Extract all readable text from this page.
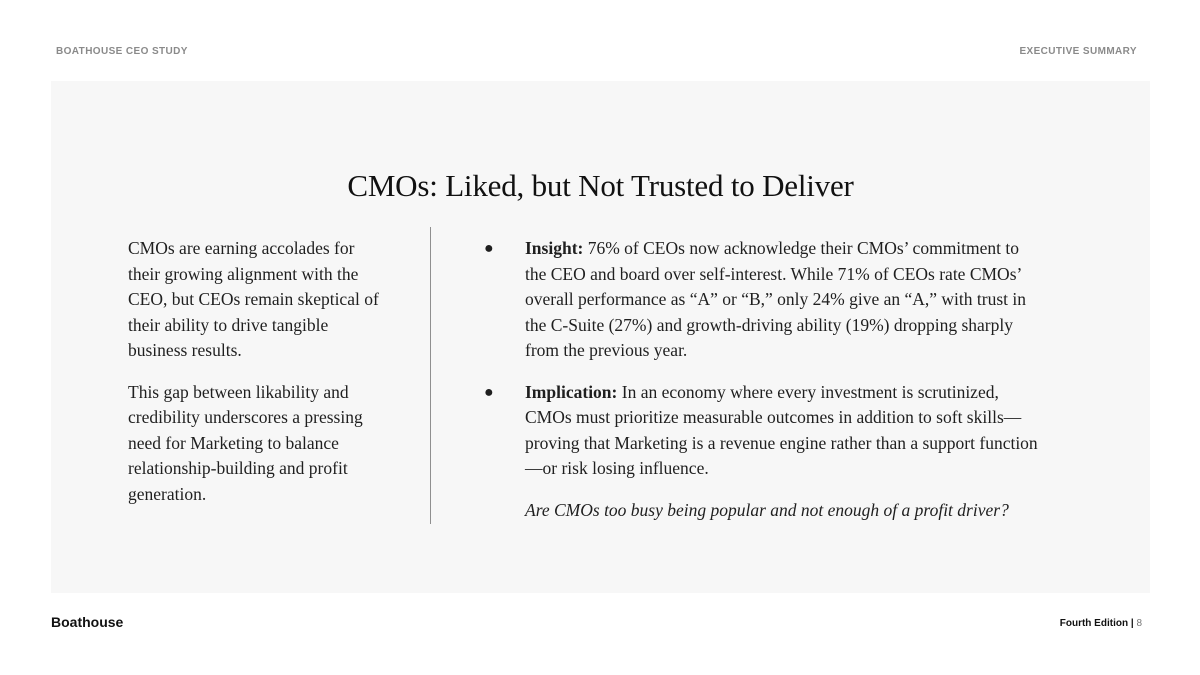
BOATHOUSE CEO STUDY	EXECUTIVE SUMMARY
CMOs: Liked, but Not Trusted to Deliver

CMOs are earning accolades for their growing alignment with the CEO, but CEOs remain skeptical of their ability to drive tangible business results.

This gap between likability and credibility underscores a pressing need for Marketing to balance relationship-building and profit generation.

● Insight: 76% of CEOs now acknowledge their CMOs’ commitment to the CEO and board over self-interest. While 71% of CEOs rate CMOs’ overall performance as “A” or “B,” only 24% give an “A,” with trust in the C-Suite (27%) and growth-driving ability (19%) dropping sharply from the previous year.
● Implication: In an economy where every investment is scrutinized, CMOs must prioritize measurable outcomes in addition to soft skills—proving that Marketing is a revenue engine rather than a support function—or risk losing influence.
Are CMOs too busy being popular and not enough of a profit driver?
Boathouse	Fourth Edition | 8
